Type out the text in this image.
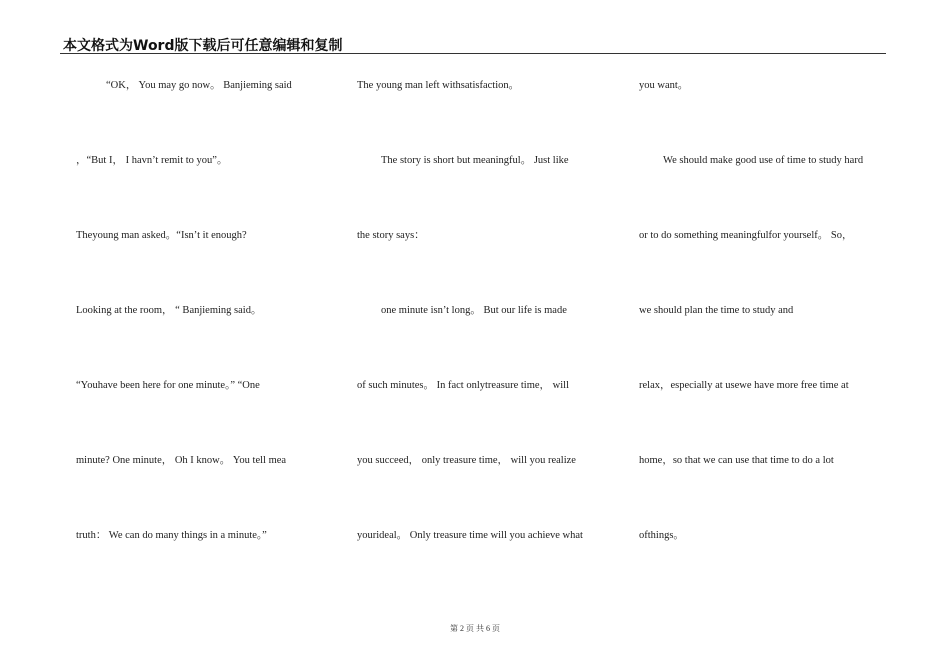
本文格式为Word版下载后可任意编辑和复制
“OK， You may go now。 Banjieming said
，“But I， I havn’t remit to you”。
Theyoung man asked。“Isn’t it enough?
Looking at the room， “ Banjieming said。
“Youhave been here for one minute。” “One
minute? One minute， Oh I know。 You tell mea
truth： We can do many things in a minute。”
The young man left withsatisfaction。
The story is short but meaningful。 Just like
the story says：
one minute isn’t long。 But our life is made
of such minutes。 In fact onlytreasure time， will
you succeed， only treasure time， will you realize
yourideal。 Only treasure time will you achieve what
you want。
We should make good use of time to study hard
or to do something meaningfulfor yourself。 So，
we should plan the time to study and
relax，especially at usewe have more free time at
home，so that we can use that time to do a lot
ofthings。
第 2 页 共 6 页
